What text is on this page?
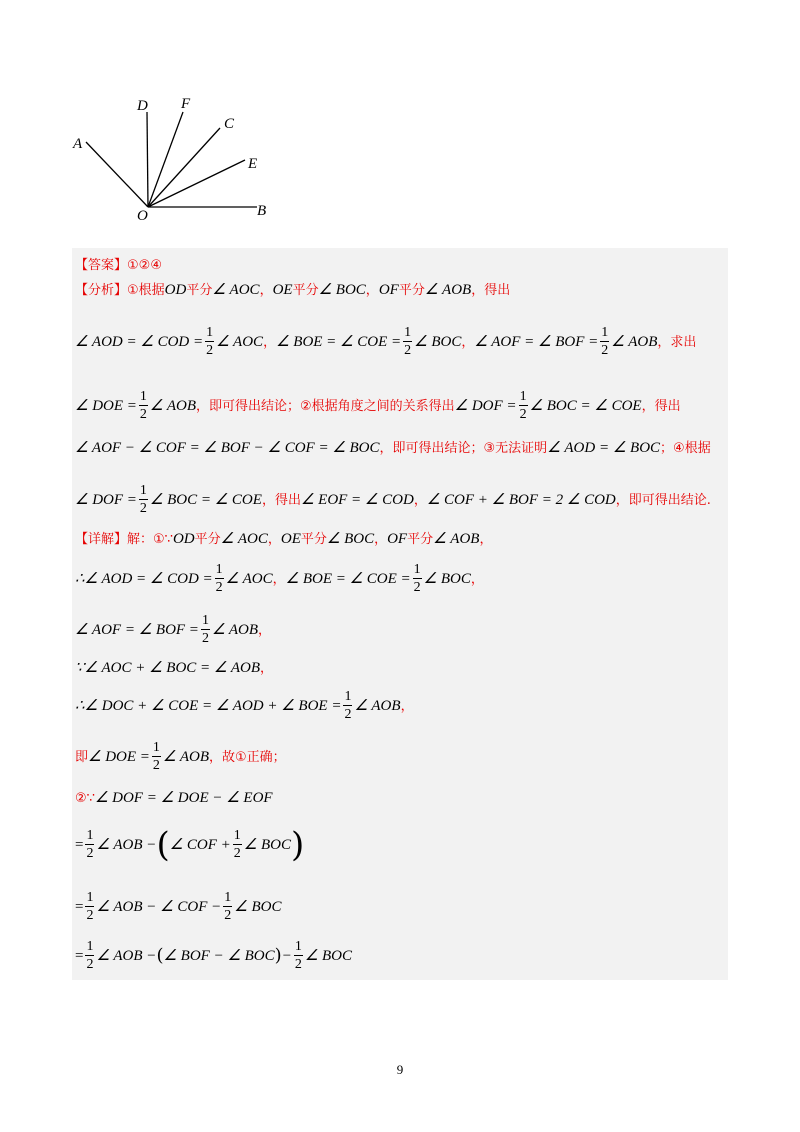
A
D F
C
E
O	B
【答案】①②④
【分析】①根据OD平分∠ AOC，OE平分∠ BOC，OF平分∠ AOB，得出
∠ AOD = ∠ COD = $\frac{1}{2}$ ∠ AOC，∠ BOE = ∠ COE = $\frac{1}{2}$ ∠ BOC，∠ AOF = ∠ BOF = $\frac{1}{2}$ ∠ AOB，求出
∠ DOE = $\frac{1}{2}$ ∠ AOB，即可得出结论；②根据角度之间的关系得出∠ DOF = $\frac{1}{2}$ ∠ BOC = ∠ COE，得出
∠ AOF − ∠ COF = ∠ BOF − ∠ COF = ∠ BOC，即可得出结论；③无法证明∠ AOD = ∠ BOC；④根据
∠ DOF = $\frac{1}{2}$ ∠ BOC = ∠ COE，得出∠ EOF = ∠ COD，∠ COF + ∠ BOF = 2 ∠ COD，即可得出结论.
【详解】解：①∵OD平分∠ AOC，OE平分∠ BOC，OF平分∠ AOB，
∴∠ AOD = ∠ COD = $\frac{1}{2}$ ∠ AOC，∠ BOE = ∠ COE = $\frac{1}{2}$ ∠ BOC，
∠ AOF = ∠ BOF = $\frac{1}{2}$ ∠ AOB，
∵∠ AOC + ∠ BOC = ∠ AOB，
∴∠ DOC + ∠ COE = ∠ AOD + ∠ BOE = $\frac{1}{2}$ ∠ AOB，
即∠ DOE = $\frac{1}{2}$ ∠ AOB，故①正确；
②∵∠ DOF = ∠ DOE − ∠ EOF
= $\frac{1}{2}$ ∠ AOB −(∠ COF + $\frac{1}{2}$ ∠ BOC)
= $\frac{1}{2}$ ∠ AOB − ∠ COF − $\frac{1}{2}$ ∠ BOC
= $\frac{1}{2}$ ∠ AOB −(∠ BOF − ∠ $BOC)- \frac{1}{2}$ ∠ BOC
9
